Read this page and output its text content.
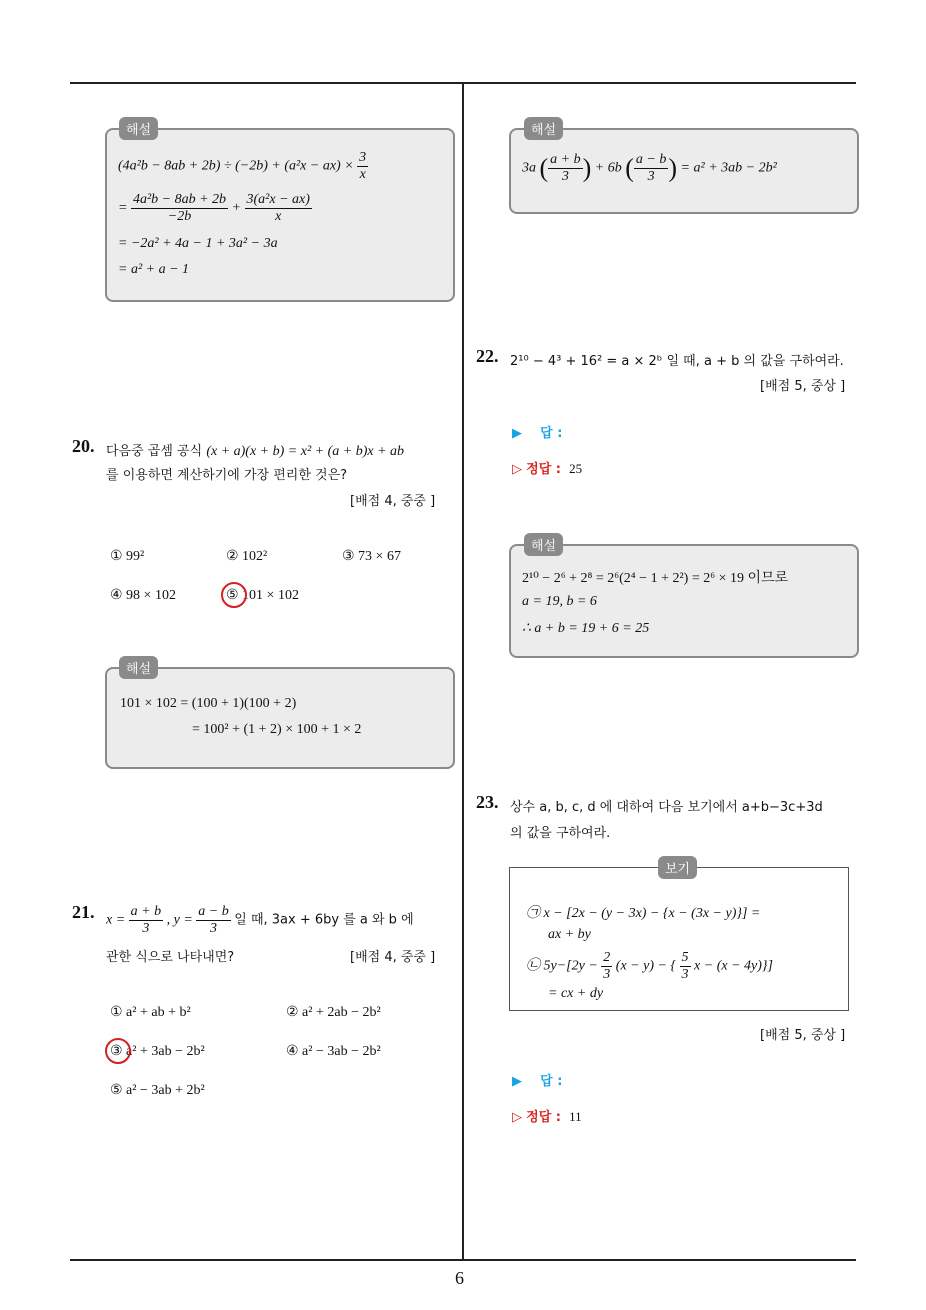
6
해설
$(4a^2b - 8ab + 2b) \div (-2b) + (a^2x - ax) \times \frac{3}{x}$
= $\frac{\text{4a²b − 8ab + 2b}}{-2b} + \frac{\text{3(a²x − ax)}}{x}$
= −2a² + 4a − 1 + 3a² − 3a
= a² + a − 1
20. 다음중 곱셈 공식 (x + a)(x + b) = x² + (a + b)x + ab
를 이용하면 계산하기에 가장 편리한 것은?
[배점 4, 중중 ]
① 99²	② 102²	③ 73 × 67
④ 98 × 102	⑤ 101 × 102
해설
101 × 102 = (100 + 1)(100 + 2)
= 100² + (1 + 2) × 100 + 1 × 2
21. $x = \frac{a + b}{3}$ , $y = \frac{a - b}{3}$ 일 때, 3ax + 6by 를 a 와 b 에
관한 식으로 나타내면?	[배점 4, 중중 ]
① a² + ab + b²	② a² + 2ab − 2b²
③ a² + 3ab − 2b²	④ a² − 3ab − 2b²
⑤ a² − 3ab + 2b²
해설
3a ( $\frac{a + b}{3}$ ) + 6b ( $\frac{a - b}{3}$ ) = a² + 3ab − 2b²
22. 2¹⁰ − 4³ + 16² = a × 2ᵇ 일 때, a + b 의 값을 구하여라.
[배점 5, 중상 ]
▶ 답 :
▷ 정답 : 25
해설
2¹⁰ − 2⁶ + 2⁸ = 2⁶(2⁴ − 1 + 2²) = 2⁶ × 19 이므로
a = 19, b = 6
∴ a + b = 19 + 6 = 25
23. 상수 a, b, c, d 에 대하여 다음 보기에서 a+b−3c+3d
의 값을 구하여라.
보기
㉠ x − [2x − (y − 3x) − {x − (3x − y)}] =
ax + by
㉡ $5y-[2y - \frac{2}{3} (x - y)$ − { $\frac{5}{3}$ x − (x − 4y)}]
= cx + dy
[배점 5, 중상 ]
▶ 답 :
▷ 정답 : 11
